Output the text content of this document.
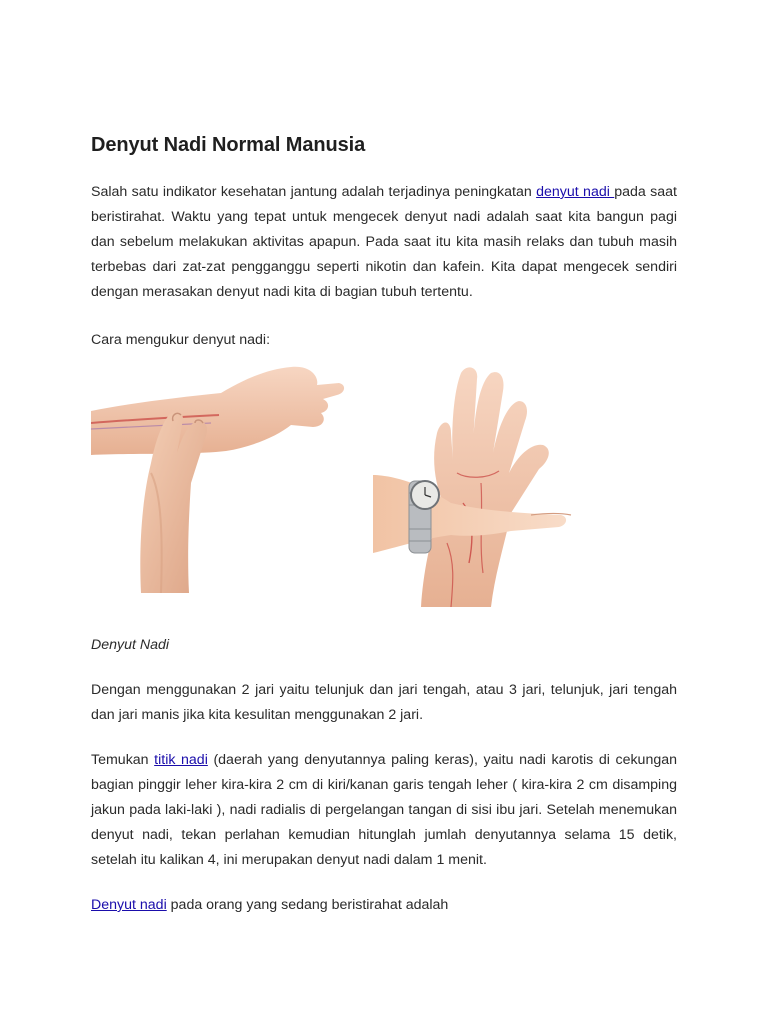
Denyut Nadi Normal Manusia

Salah satu indikator kesehatan jantung adalah terjadinya peningkatan denyut nadi pada saat beristirahat. Waktu yang tepat untuk mengecek denyut nadi adalah saat kita bangun pagi dan sebelum melakukan aktivitas apapun. Pada saat itu kita masih relaks dan tubuh masih terbebas dari zat-zat pengganggu seperti nikotin dan kafein. Kita dapat mengecek sendiri dengan merasakan denyut nadi kita di bagian tubuh tertentu.

Cara mengukur denyut nadi:

Denyut Nadi

Dengan menggunakan 2 jari yaitu telunjuk dan jari tengah, atau 3 jari, telunjuk, jari tengah dan jari manis jika kita kesulitan menggunakan 2 jari.

Temukan titik nadi (daerah yang denyutannya paling keras), yaitu nadi karotis di cekungan bagian pinggir leher kira-kira 2 cm di kiri/kanan garis tengah leher ( kira-kira 2 cm disamping jakun pada laki-laki ), nadi radialis di pergelangan tangan di sisi ibu jari. Setelah menemukan denyut nadi, tekan perlahan kemudian hitunglah jumlah denyutannya selama 15 detik, setelah itu kalikan 4, ini merupakan denyut nadi dalam 1 menit.

Denyut nadi pada orang yang sedang beristirahat adalah
